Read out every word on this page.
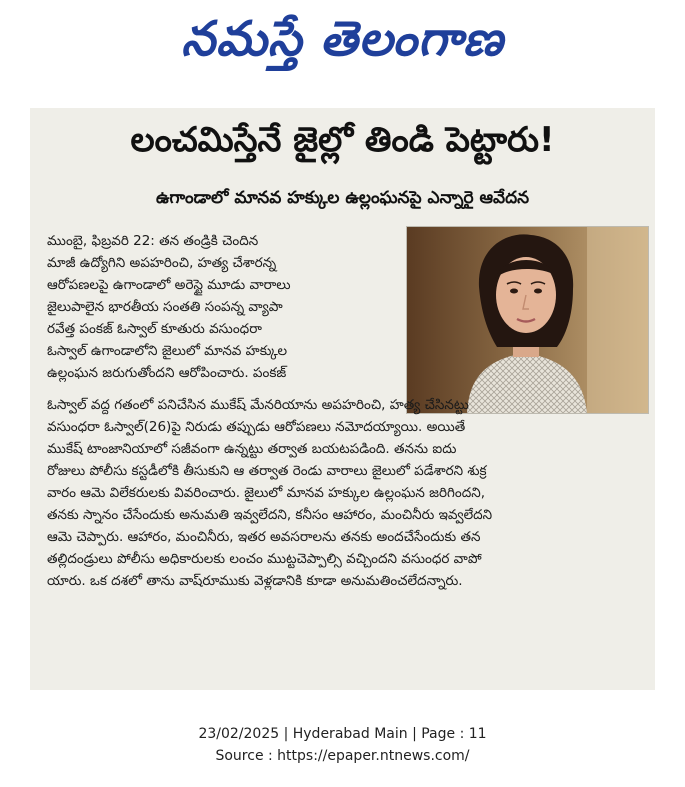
నమస్తే తెలంగాణ
లంచమిస్తేనే జైల్లో తిండి పెట్టారు!
ఉగాండాలో మానవ హక్కుల ఉల్లంఘనపై ఎన్నారై ఆవేదన
ముంబై, ఫిబ్రవరి 22: తన తండ్రికి చెందిన
మాజీ ఉద్యోగిని అపహరించి, హత్య చేశారన్న
ఆరోపణలపై ఉగాండాలో అరెస్టై మూడు వారాలు
జైలుపాలైన భారతీయ సంతతి సంపన్న వ్యాపా
రవేత్త పంకజ్ ఓస్వాల్ కూతురు వసుంధరా
ఓస్వాల్ ఉగాండాలోని జైలులో మానవ హక్కుల
ఉల్లంఘన జరుగుతోందని ఆరోపించారు. పంకజ్
ఓస్వాల్ వద్ద గతంలో పనిచేసిన ముకేష్ మేనరియాను అపహరించి, హత్య చేసినట్టు
వసుంధరా ఓస్వాల్(26)పై నిరుడు తప్పుడు ఆరోపణలు నమోదయ్యాయి. అయితే
ముకేష్ టాంజానియాలో సజీవంగా ఉన్నట్టు తర్వాత బయటపడింది. తనను ఐదు
రోజులు పోలీసు కస్టడీలోకి తీసుకుని ఆ తర్వాత రెండు వారాలు జైలులో పడేశారని శుక్ర
వారం ఆమె విలేకరులకు వివరించారు. జైలులో మానవ హక్కుల ఉల్లంఘన జరిగిందని,
తనకు స్నానం చేసేందుకు అనుమతి ఇవ్వలేదని, కనీసం ఆహారం, మంచినీరు ఇవ్వలేదని
ఆమె చెప్పారు. ఆహారం, మంచినీరు, ఇతర అవసరాలను తనకు అందచేసేందుకు తన
తల్లిదండ్రులు పోలీసు అధికారులకు లంచం ముట్టచెప్పాల్సి వచ్చిందని వసుంధర వాపో
యారు. ఒక దశలో తాను వాష్‌రూముకు వెళ్లడానికి కూడా అనుమతించలేదన్నారు.
23/02/2025 | Hyderabad Main | Page : 11
Source : https://epaper.ntnews.com/
